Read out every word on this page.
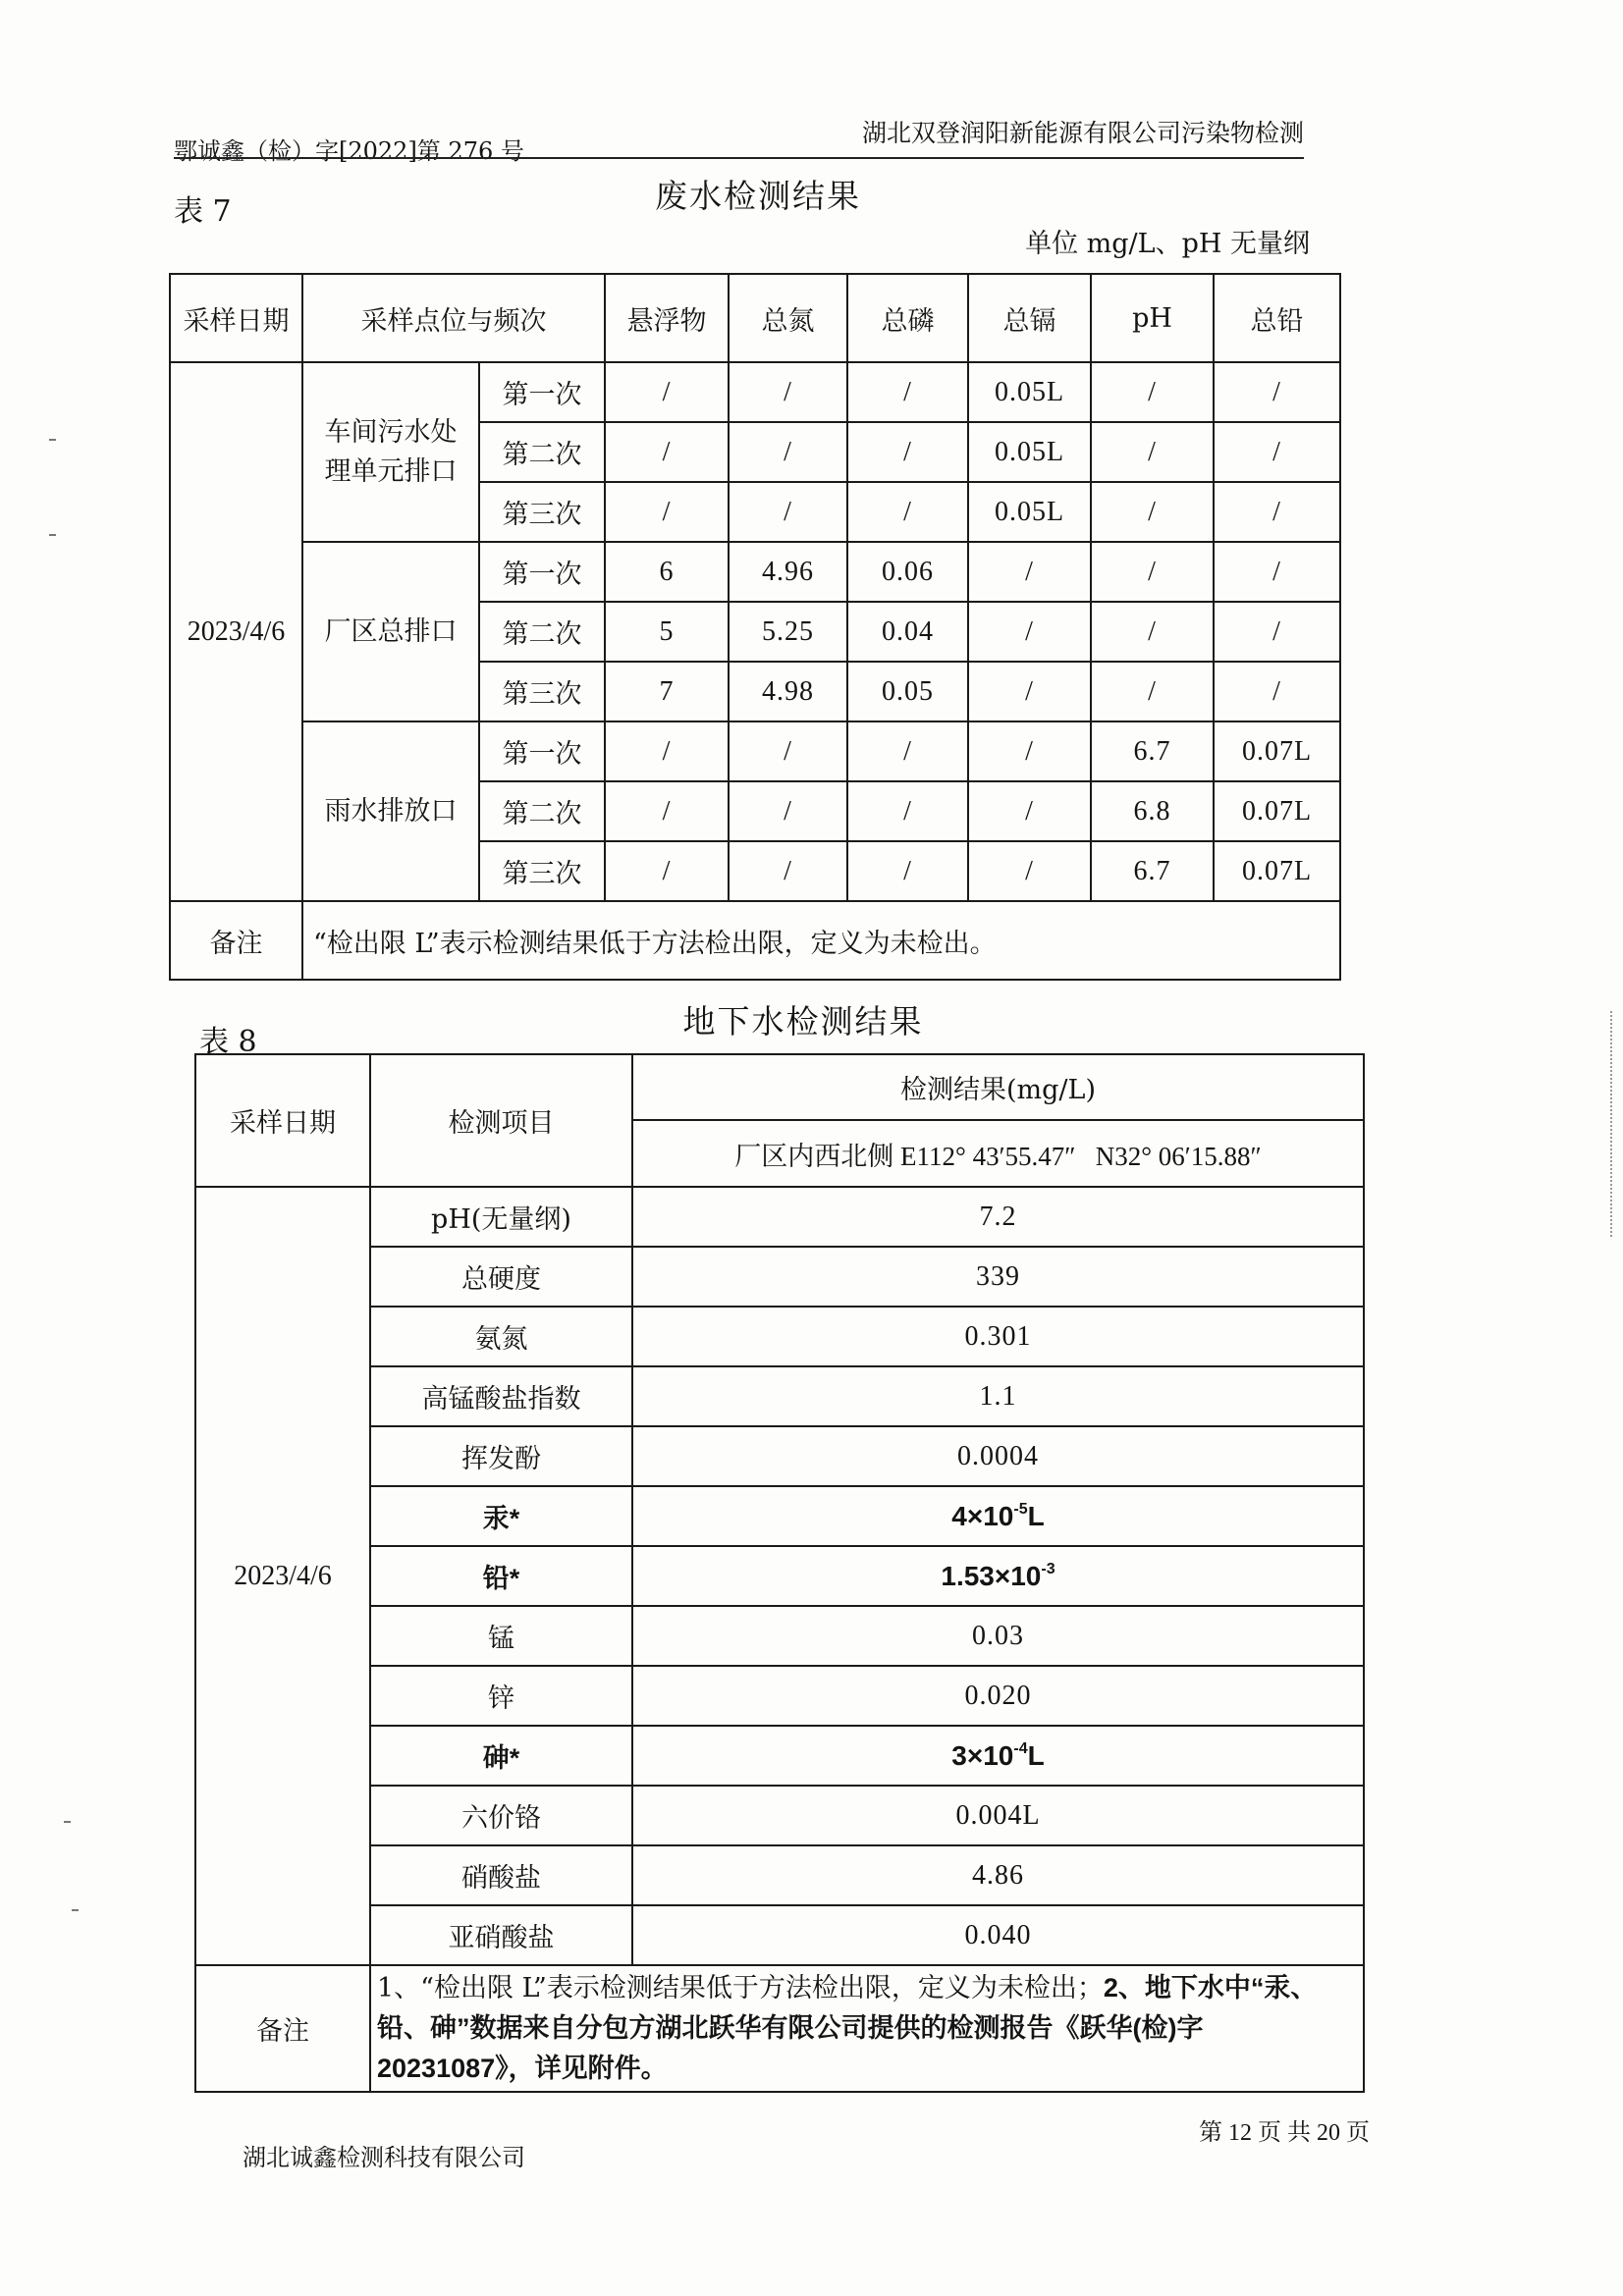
鄂诚鑫（检）字[2022]第 276 号
湖北双登润阳新能源有限公司污染物检测
表 7	废水检测结果
单位 mg/L、pH 无量纲
采样日期	采样点位与频次		悬浮物	总氮	总磷	总镉	pH	总铅
2023/4/6	车间污水处理单元排口	第一次	/	/	/	0.05L	/	/
		第二次	/	/	/	0.05L	/	/
		第三次	/	/	/	0.05L	/	/
	厂区总排口	第一次	6	4.96	0.06	/	/	/
		第二次	5	5.25	0.04	/	/	/
		第三次	7	4.98	0.05	/	/	/
	雨水排放口	第一次	/	/	/	/	6.7	0.07L
		第二次	/	/	/	/	6.8	0.07L
		第三次	/	/	/	/	6.7	0.07L
备注	“检出限 L”表示检测结果低于方法检出限，定义为未检出。							
表 8
地下水检测结果
采样日期	检测项目	检测结果(mg/L)
		厂区内西北侧 E112° 43′55.47″   N32° 06′15.88″
2023/4/6	pH(无量纲)	7.2
	总硬度	339
	氨氮	0.301
	高锰酸盐指数	1.1
	挥发酚	0.0004
	汞*	$4\times 10^{-5}L$
	铅*	$1.53\times 10^{-3}$
	锰	0.03
	锌	0.020
	砷*	$3\times 10^{-4}L$
	六价铬	0.004L
	硝酸盐	4.86
	亚硝酸盐	0.040
备注	1、“检出限 L”表示检测结果低于方法检出限，定义为未检出；2、地下水中“汞、铅、砷”数据来自分包方湖北跃华有限公司提供的检测报告《跃华(检)字 20231087》，详见附件。	
湖北诚鑫检测科技有限公司
第 12 页 共 20 页
